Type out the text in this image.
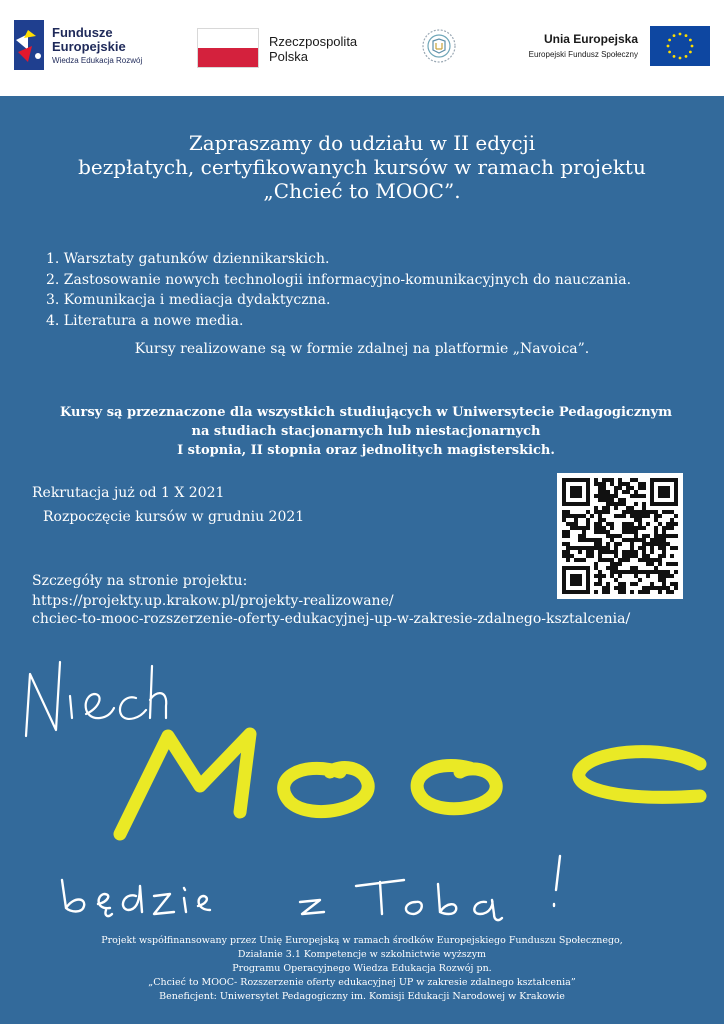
Fundusze
Europejskie
Wiedza Edukacja Rozwój
Rzeczpospolita
Polska
Unia Europejska
Europejski Fundusz Społeczny
Zapraszamy do udziału w II edycji
bezpłatych, certyfikowanych kursów w ramach projektu
„Chcieć to MOOC”.
1. Warsztaty gatunków dziennikarskich.
2. Zastosowanie nowych technologii informacyjno-komunikacyjnych do nauczania.
3. Komunikacja i mediacja dydaktyczna.
4. Literatura a nowe media.
Kursy realizowane są w formie zdalnej na platformie „Navoica”.
Kursy są przeznaczone dla wszystkich studiujących w Uniwersytecie Pedagogicznym
na studiach stacjonarnych lub niestacjonarnych
I stopnia, II stopnia oraz jednolitych magisterskich.
Rekrutacja już od 1 X 2021
Rozpoczęcie kursów w grudniu 2021
Szczegóły na stronie projektu:
https://projekty.up.krakow.pl/projekty-realizowane/
chciec-to-mooc-rozszerzenie-oferty-edukacyjnej-up-w-zakresie-zdalnego-ksztalcenia/
Projekt współfinansowany przez Unię Europejską w ramach środków Europejskiego Funduszu Społecznego,
Działanie 3.1 Kompetencje w szkolnictwie wyższym
Programu Operacyjnego Wiedza Edukacja Rozwój pn.
„Chcieć to MOOC- Rozszerzenie oferty edukacyjnej UP w zakresie zdalnego kształcenia”
Beneficjent: Uniwersytet Pedagogiczny im. Komisji Edukacji Narodowej w Krakowie
